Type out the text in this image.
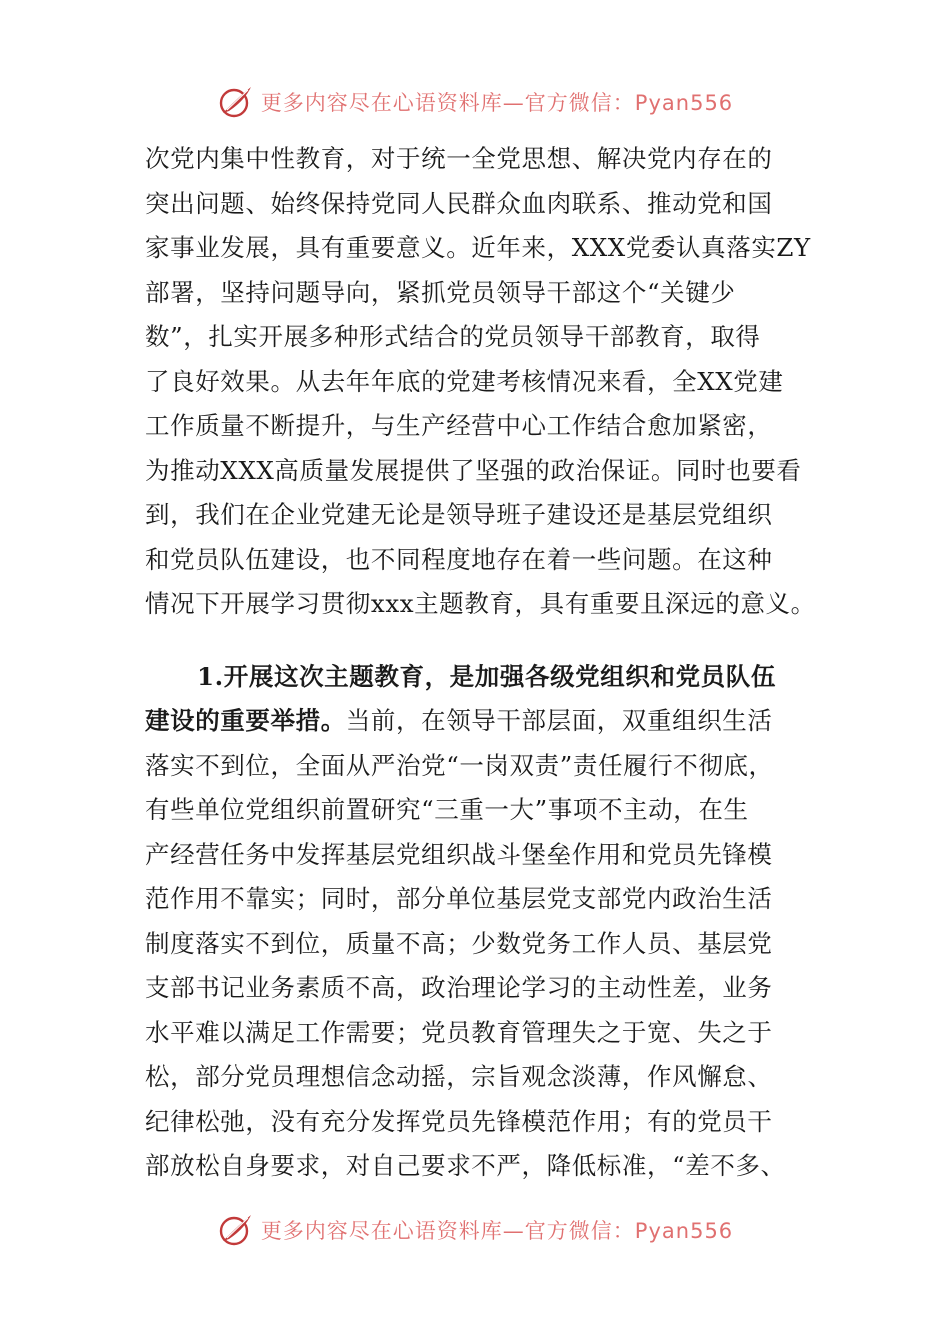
更多内容尽在心语资料库—官方微信：Pyan556
次党内集中性教育，对于统一全党思想、解决党内存在的
突出问题、始终保持党同人民群众血肉联系、推动党和国
家事业发展，具有重要意义。近年来，XXX党委认真落实ZY
部署，坚持问题导向，紧抓党员领导干部这个“关键少
数”，扎实开展多种形式结合的党员领导干部教育，取得
了良好效果。从去年年底的党建考核情况来看，全XX党建
工作质量不断提升，与生产经营中心工作结合愈加紧密，
为推动XXX高质量发展提供了坚强的政治保证。同时也要看
到，我们在企业党建无论是领导班子建设还是基层党组织
和党员队伍建设，也不同程度地存在着一些问题。在这种
情况下开展学习贯彻xxx主题教育，具有重要且深远的意义。
1.开展这次主题教育，是加强各级党组织和党员队伍
建设的重要举措。当前，在领导干部层面，双重组织生活
落实不到位，全面从严治党“一岗双责”责任履行不彻底，
有些单位党组织前置研究“三重一大”事项不主动，在生
产经营任务中发挥基层党组织战斗堡垒作用和党员先锋模
范作用不靠实；同时，部分单位基层党支部党内政治生活
制度落实不到位，质量不高；少数党务工作人员、基层党
支部书记业务素质不高，政治理论学习的主动性差，业务
水平难以满足工作需要；党员教育管理失之于宽、失之于
松，部分党员理想信念动摇，宗旨观念淡薄，作风懈怠、
纪律松弛，没有充分发挥党员先锋模范作用；有的党员干
部放松自身要求，对自己要求不严，降低标准，“差不多、
更多内容尽在心语资料库—官方微信：Pyan556
